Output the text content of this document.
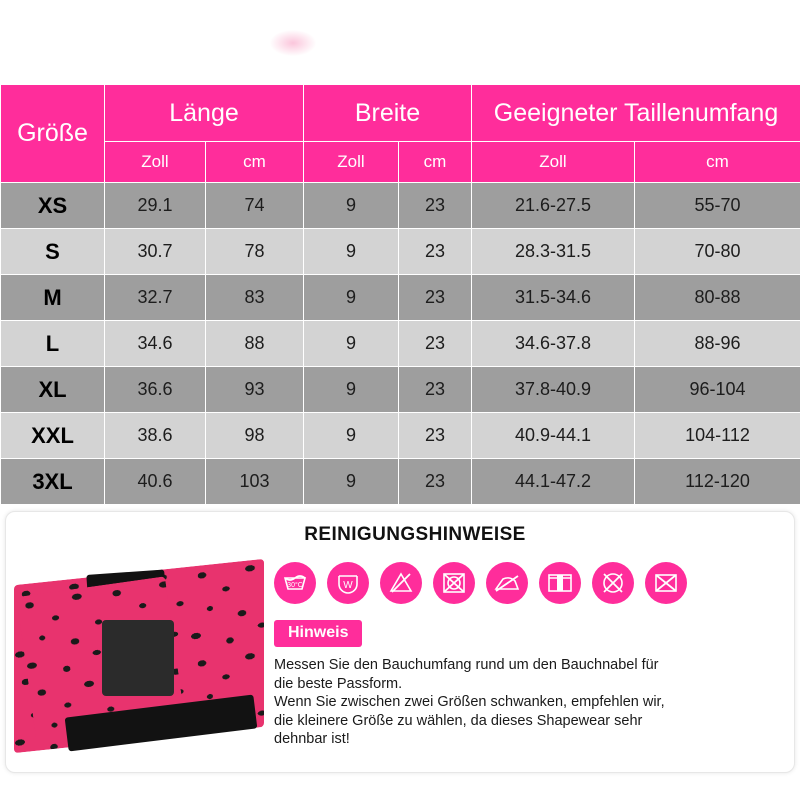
Größe	Länge		Breite		Geeigneter Taillenumfang	
	Zoll	cm	Zoll	cm	Zoll	cm
XS	29.1	74	9	23	21.6-27.5	55-70
S	30.7	78	9	23	28.3-31.5	70-80
M	32.7	83	9	23	31.5-34.6	80-88
L	34.6	88	9	23	34.6-37.8	88-96
XL	36.6	93	9	23	37.8-40.9	96-104
XXL	38.6	98	9	23	40.9-44.1	104-112
3XL	40.6	103	9	23	44.1-47.2	112-120
REINIGUNGSHINWEISE
30°C	W
Hinweis

Messen Sie den Bauchumfang rund um den Bauchnabel für

die beste Passform.

Wenn Sie zwischen zwei Größen schwanken, empfehlen wir,

die kleinere Größe zu wählen, da dieses Shapewear sehr

dehnbar ist!
